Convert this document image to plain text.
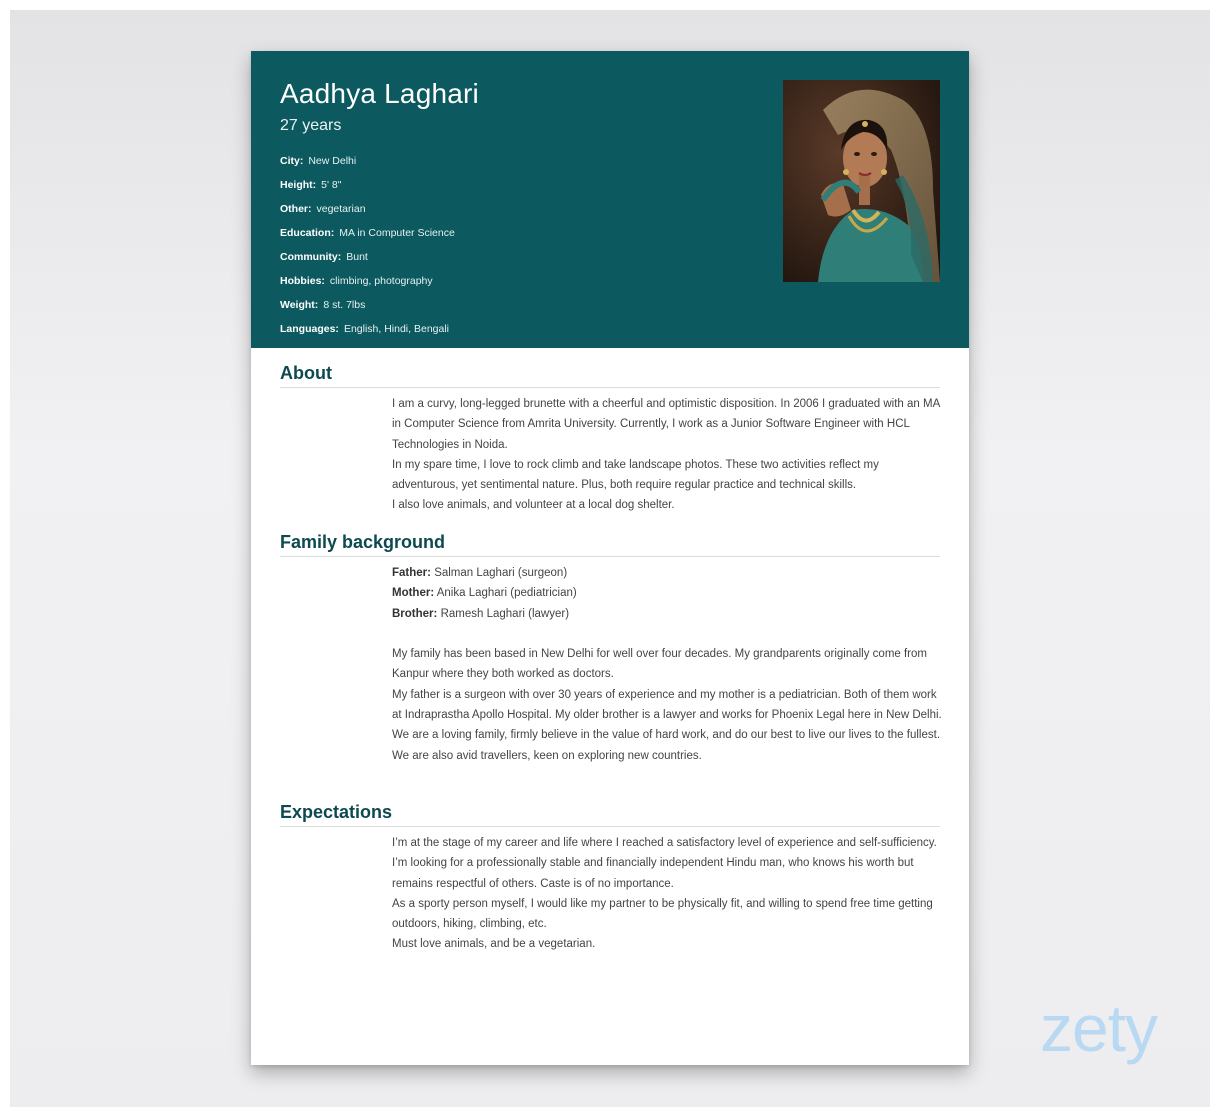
Aadhya Laghari
27 years
City: New Delhi
Height: 5' 8"
Other: vegetarian
Education: MA in Computer Science
Community: Bunt
Hobbies: climbing, photography
Weight: 8 st. 7lbs
Languages: English, Hindi, Bengali
About

I am a curvy, long-legged brunette with a cheerful and optimistic disposition. In 2006 I graduated with an MA in Computer Science from Amrita University. Currently, I work as a Junior Software Engineer with HCL Technologies in Noida.

In my spare time, I love to rock climb and take landscape photos. These two activities reflect my adventurous, yet sentimental nature. Plus, both require regular practice and technical skills.

I also love animals, and volunteer at a local dog shelter.

Family background

Father: Salman Laghari (surgeon)

Mother: Anika Laghari (pediatrician)

Brother: Ramesh Laghari (lawyer)

My family has been based in New Delhi for well over four decades. My grandparents originally come from Kanpur where they both worked as doctors.

My father is a surgeon with over 30 years of experience and my mother is a pediatrician. Both of them work at Indraprastha Apollo Hospital. My older brother is a lawyer and works for Phoenix Legal here in New Delhi.

We are a loving family, firmly believe in the value of hard work, and do our best to live our lives to the fullest. We are also avid travellers, keen on exploring new countries.

Expectations

I’m at the stage of my career and life where I reached a satisfactory level of experience and self-sufficiency.

I’m looking for a professionally stable and financially independent Hindu man, who knows his worth but remains respectful of others. Caste is of no importance.

As a sporty person myself, I would like my partner to be physically fit, and willing to spend free time getting outdoors, hiking, climbing, etc.

Must love animals, and be a vegetarian.

zety
